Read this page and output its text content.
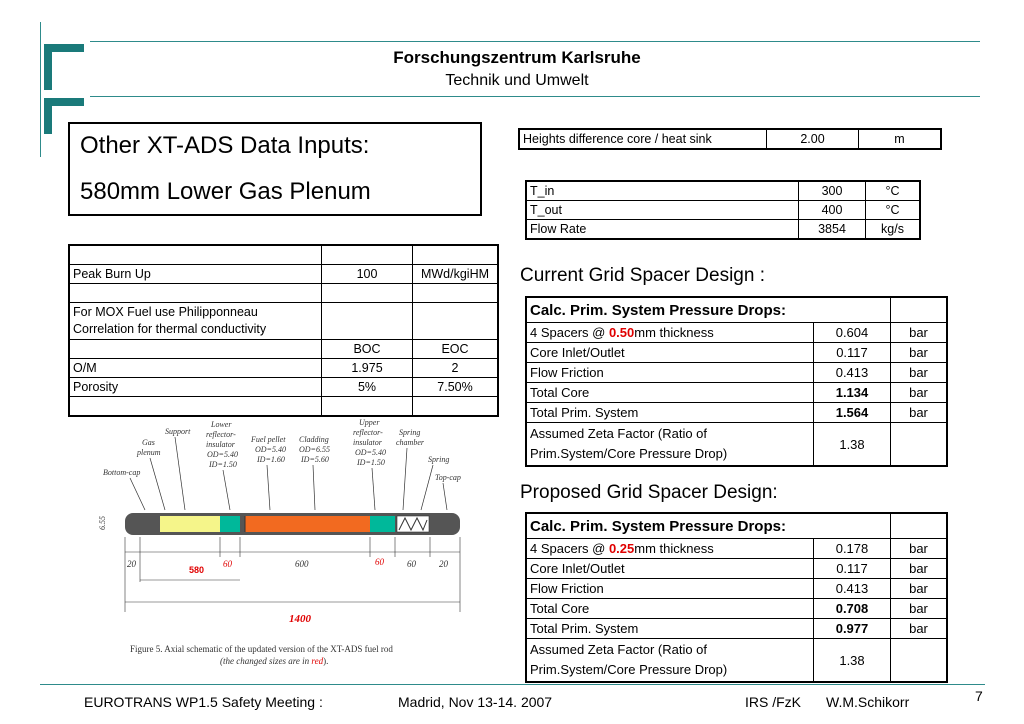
Forschungszentrum Karlsruhe
Technik und Umwelt
Other XT-ADS Data Inputs:
580mm Lower Gas Plenum
Heights difference core / heat sink	2.00	m
T_in	300	°C
T_out	400	°C
Flow Rate	3854	kg/s

Peak Burn Up	100	MWd/kgiHM

For MOX Fuel use Philipponneau
Correlation for thermal conductivity		
	BOC	EOC
O/M	1.975	2
Porosity	5%	7.50%

Current Grid Spacer Design :
Calc. Prim. System Pressure Drops:		
4 Spacers @ 0.50mm thickness	0.604	bar
Core Inlet/Outlet	0.117	bar
Flow Friction	0.413	bar
Total Core	1.134	bar
Total Prim. System	1.564	bar
Assumed Zeta Factor (Ratio of
Prim.System/Core Pressure Drop)	1.38	
Proposed Grid Spacer Design:
Calc. Prim. System Pressure Drops:		
4 Spacers @ 0.25mm thickness	0.178	bar
Core Inlet/Outlet	0.117	bar
Flow Friction	0.413	bar
Total Core	0.708	bar
Total Prim. System	0.977	bar
Assumed Zeta Factor (Ratio of
Prim.System/Core Pressure Drop)	1.38	
Support
Gas
plenum
Bottom-cap
Lower
reflector-
insulator
OD=5.40
ID=1.50
Fuel pellet
OD=5.40
ID=1.60
Cladding
OD=6.55
ID=5.60
Upper
reflector-
insulator
OD=5.40
ID=1.50
Spring
chamber
Spring
Top-cap
6.55
20
580
60	600	60	60	20
1400
Figure 5. Axial schematic of the updated version of the XT-ADS fuel rod
(the changed sizes are in red).
EUROTRANS WP1.5 Safety Meeting :	Madrid, Nov 13-14. 2007	IRS /FzK W.M.Schikorr	7
